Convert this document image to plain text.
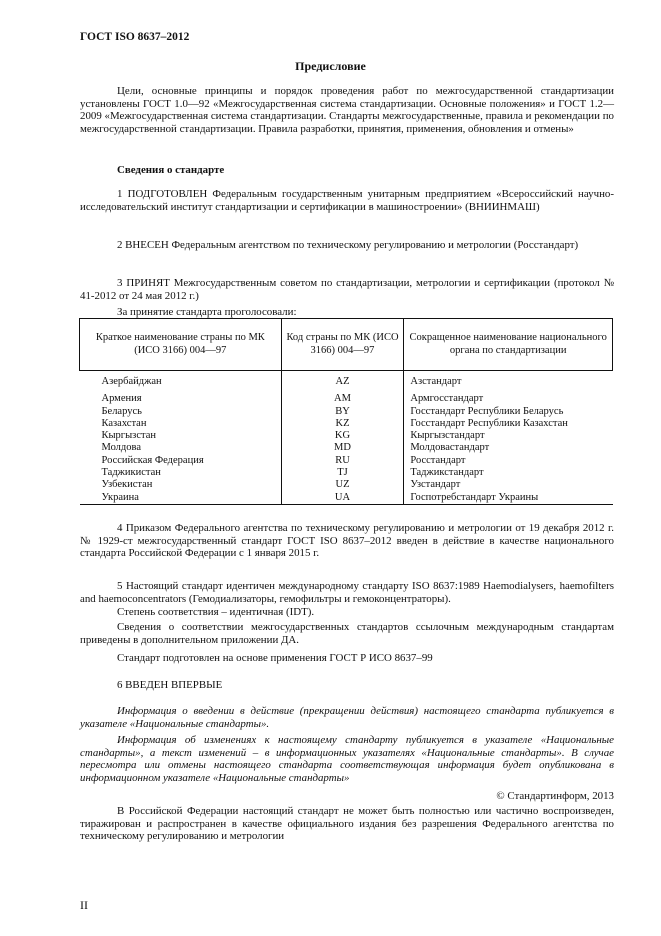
ГОСТ ISO 8637–2012
Предисловие
Цели, основные принципы и порядок проведения работ по межгосударственной стандартизации установлены ГОСТ 1.0—92 «Межгосударственная система стандартизации. Основные положения» и ГОСТ 1.2—2009 «Межгосударственная система стандартизации. Стандарты межгосударственные, правила и рекомендации по межгосударственной стандартизации. Правила разработки, принятия, применения, обновления и отмены»
Сведения о стандарте
1 ПОДГОТОВЛЕН Федеральным государственным унитарным предприятием «Всероссийский научно-исследовательский институт стандартизации и сертификации в машиностроении» (ВНИИНМАШ)
2 ВНЕСЕН Федеральным агентством по техническому регулированию и метрологии (Росстандарт)
3 ПРИНЯТ Межгосударственным советом по стандартизации, метрологии и сертификации (протокол № 41-2012 от 24 мая 2012 г.)
За принятие стандарта проголосовали:
Краткое наименование страны по МК (ИСО 3166) 004—97	Код страны по МК (ИСО 3166) 004—97	Сокращенное наименование национального органа по стандартизации
Азербайджан	AZ	Азстандарт
Армения	AM	Армгосстандарт
Беларусь	BY	Госстандарт Республики Беларусь
Казахстан	KZ	Госстандарт Республики Казахстан
Кыргызстан	KG	Кыргызстандарт
Молдова	MD	Молдовастандарт
Российская Федерация	RU	Росстандарт
Таджикистан	TJ	Таджикстандарт
Узбекистан	UZ	Узстандарт
Украина	UA	Госпотребстандарт Украины
4 Приказом Федерального агентства по техническому регулированию и метрологии от 19 декабря 2012 г. № 1929-ст межгосударственный стандарт ГОСТ ISO 8637–2012 введен в действие в качестве национального стандарта Российской Федерации с 1 января 2015 г.
5 Настоящий стандарт идентичен международному стандарту ISO 8637:1989 Haemodialysers, haemofilters and haemoconcentrators (Гемодиализаторы, гемофильтры и гемоконцентраторы).
Степень соответствия – идентичная (IDT).
Сведения о соответствии межгосударственных стандартов ссылочным международным стандартам приведены в дополнительном приложении ДА.
Стандарт подготовлен на основе применения ГОСТ Р ИСО 8637–99
6 ВВЕДЕН ВПЕРВЫЕ
Информация о введении в действие (прекращении действия) настоящего стандарта публикуется в указателе «Национальные стандарты».
Информация об изменениях к настоящему стандарту публикуется в указателе «Национальные стандарты», а текст изменений – в информационных указателях «Национальные стандарты». В случае пересмотра или отмены настоящего стандарта соответствующая информация будет опубликована в информационном указателе «Национальные стандарты»
© Стандартинформ, 2013
В Российской Федерации настоящий стандарт не может быть полностью или частично воспроизведен, тиражирован и распространен в качестве официального издания без разрешения Федерального агентства по техническому регулированию и метрологии
II
